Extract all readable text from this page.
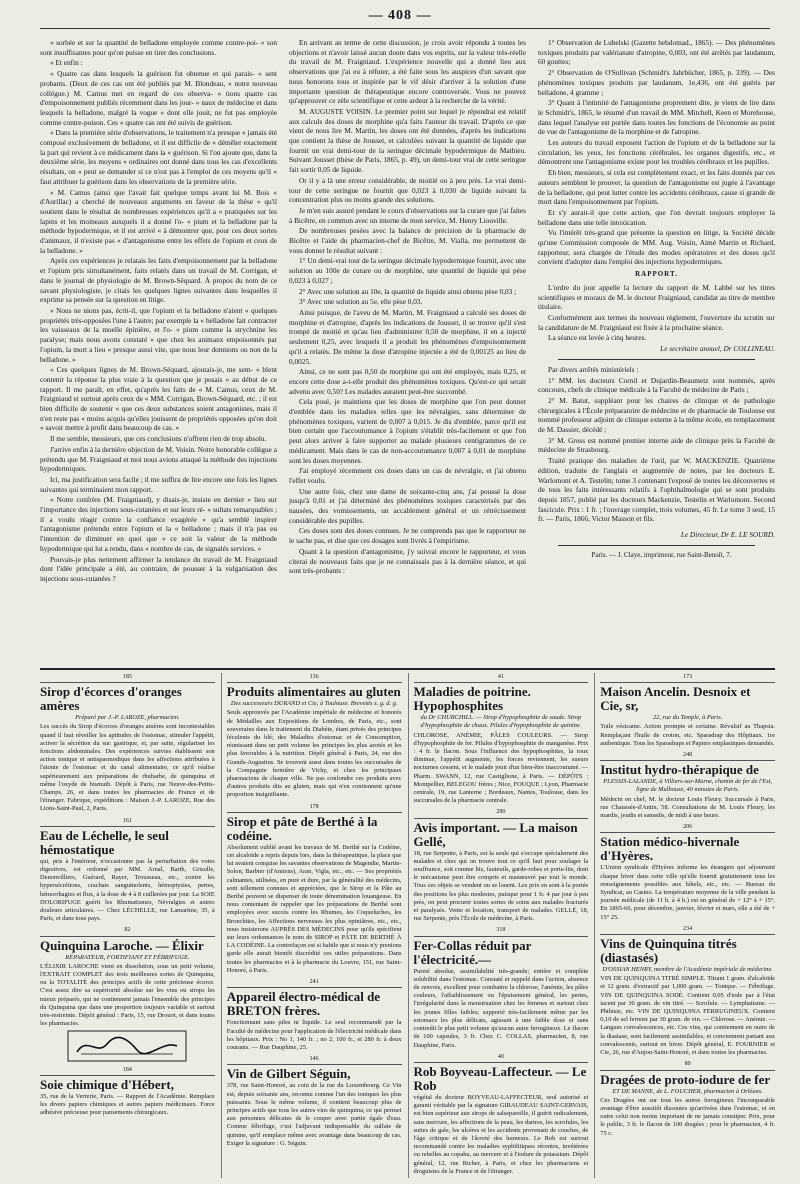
— 408 —

« sorbée et sur la quantité de belladone employée comme contre-poi- « son sont insuffisantes pour qu'on puisse en tirer des conclusions.

« Et enfin :

« Quatre cas dans lesquels la guérison fut obtenue et qui parais- « sent probants. (Deux de ces cas ont été publiés par M. Blondeau, « notre nouveau collègue.) M. Camus met en regard de ces observa- « tions quatre cas d'empoisonnement publiés récemment dans les jour- « naux de médecine et dans lesquels la belladone, malgré la vogue « dont elle jouit, ne fut pas employée comme contre-poison. Ces « quatre cas ont été suivis de guérison.

« Dans la première série d'observations, le traitement n'a presque « jamais été composé exclusivement de belladone, et il est difficile de « démêler exactement la part qui revient à ce médicament dans la « guérison. Si l'on ajoute que, dans la deuxième série, les moyens « ordinaires ont donné dans tous les cas d'excellents résultats, on « peut se demander si ce n'est pas à l'emploi de ces moyens qu'il « faut attribuer la guérison dans les observations de la première série.

« M. Camus (ainsi que l'avait fait quelque temps avant lui M. Bois « d'Aurillac) a cherché de nouveaux arguments en faveur de la thèse « qu'il soutient dans le résultat de nombreuses expériences qu'il a « pratiquées sur les lapins et les moineaux auxquels il a donné l'o- « pium et la belladone par la méthode hypodermique, et il est arrivé « à démontrer que, pour ces deux sortes d'animaux, il n'existe pas « d'antagonisme entre les effets de l'opium et ceux de la belladone. »

Après ces expériences je relatais les faits d'empoisonnement par la belladone et l'opium pris simultanément, faits relatés dans un travail de M. Corrigan, et dans le journal de physiologie de M. Brown-Séquard. À propos du nom de ce savant physiologiste, je citais les quelques lignes suivantes dans lesquelles il exprime sa pensée sur la question en litige.

« Nous ne nions pas, écrit-il, que l'opium et la belladone n'aient « quelques propriétés très-opposées l'une à l'autre; par exemple la « belladone fait contracter les vaisseaux de la moelle épinière, et l'o- « pium comme la strychnine les paralyse; mais nous avons constaté « que chez les animaux empoisonnés par l'opium, la mort a lieu « presque aussi vite, que nous leur donnions ou non de la belladone. »

« Ces quelques lignes de M. Brown-Séquard, ajoutais-je, me sem- « blent contenir la réponse la plus vraie à la question que je posais « au début de ce rapport. Il me paraît, en effet, qu'après les faits de « M. Camus, ceux de M. Fraigniaud et surtout après ceux de « MM. Corrigan, Brown-Séquard, etc. ; il est bien difficile de soutenir « que ces deux substances soient antagonistes, mais il n'en reste pas « moins acquis qu'elles jouissent de propriétés opposées qu'on doit « savoir mettre à profit dans beaucoup de cas. »

Il me semble, messieurs, que ces conclusions n'offrent rien de trop absolu.

J'arrive enfin à la dernière objection de M. Voisin. Notre honorable collègue a prétendu que M. Fraigniaud et moi nous avions attaqué la méthode des injections hypodermiques.

Ici, ma justification sera facile ; il me suffira de lire encore une fois les lignes suivantes qui terminaient mon rapport.

« Notre confrère (M. Fraigniaud), y disais-je, insiste en dernier « lieu sur l'importance des injections sous-cutanées et sur leurs ré- « sultats remarquables ; il a voulu réagir contre la confiance exagérée « qu'a semblé inspirer l'antagonisme prétendu entre l'opium et la « belladone ; mais il n'a pas eu l'intention de diminuer en quoi que « ce soit la valeur de la méthode hypodermique qui lui a rendu, dans « nombre de cas, de signalés services. »

Pouvais-je plus nettement affirmer la tendance du travail de M. Fraigniaud dont l'idée principale a été, au contraire, de pousser à la vulgarisation des injections sous-cutanées ?

En arrivant au terme de cette discussion, je crois avoir répondu à toutes les objections et n'avoir laissé aucun doute dans vos esprits, sur la valeur très-réelle du travail de M. Fraigniaud. L'expérience nouvelle qui a donné lieu aux observations que j'ai eu à réfuter, a été faite sous les auspices d'un savant que nous honorons tous et inspirée par le vif désir d'arriver à la solution d'une importante question de thérapeutique encore controversée. Vous ne pouvez qu'approuver ce zèle scientifique et cette ardeur à la recherche de la vérité.

M. AUGUSTE VOISIN. Le premier point sur lequel je répondrai est relatif aux calculs des doses de morphine qu'a faits l'auteur du travail. D'après ce que vient de nous lire M. Martin, les doses ont été données, d'après les indications que contient la thèse de Jousset, et calculées suivant la quantité de liquide que fournit un vrai demi-tour de la seringue décimale hypodermique de Mathieu. Suivant Jousset (thèse de Paris, 1865, p. 49), un demi-tour vrai de cette seringue fait sortir 0,05 de liquide.

Or il y a là une erreur considérable, de moitié ou à peu près. Le vrai demi-tour de cette seringue ne fournit que 0,023 à 0,030 de liquide suivant la concentration plus ou moins grande des solutions.

Je m'en suis assuré pendant le cours d'observations sur la curare que j'ai faites à Bicêtre, en commun avec un interne de mon service, M. Henry Liouville.

De nombreuses pesées avec la balance de précision de la pharmacie de Bicêtre et l'aide du pharmacien-chef de Bicêtre, M. Vialla, me permettent de vous donner le résultat suivant :

1° Un demi-vrai tour de la seringue décimale hypodermique fournit, avec une solution au 100e de curare ou de morphine, une quantité de liquide qui pèse 0,023 à 0,027 ;

2° Avec une solution au 10e, la quantité de liquide ainsi obtenu pèse 0,03 ;

3° Avec une solution au 5e, elle pèse 0,03.

Ainsi puisque, de l'aveu de M. Martin, M. Fraigniaud a calculé ses doses de morphine et d'atropine, d'après les indications de Jousset, il se trouve qu'il s'est trompé de moitié et qu'au lieu d'administrer 0,50 de morphine, il en a injecté seulement 0,25, avec lesquels il a produit les phénomènes d'empoisonnement qu'il a relatés. De même la dose d'atropine injectée a été de 0,00125 au lieu de 0,0025.

Ainsi, ce ne sont pas 0,50 de morphine qui ont été employés, mais 0,25, et encore cette dose a-t-elle produit des phénomènes toxiques. Qu'est-ce qui serait advenu avec 0,50? Les malades auraient peut-être succombé.

Cela posé, je maintiens que les doses de morphine que l'on peut donner d'emblée dans les maladies telles que les névralgies, sans déterminer de phénomènes toxiques, varient de 0,007 à 0,015. Je dis d'emblée, parce qu'il est bien certain que l'accoutumance à l'opium s'établit très-facilement et que l'on peut alors arriver à faire supporter au malade plusieurs centigrammes de ce médicament. Mais dans le cas de non-accoutumance 0,007 à 0,01 de morphine sont les doses moyennes.

J'ai employé récemment ces doses dans un cas de névralgie, et j'ai obtenu l'effet voulu.

Une autre fois, chez une dame de soixante-cinq ans, j'ai poussé la dose jusqu'à 0,01 et j'ai déterminé des phénomènes toxiques caractérisés par des nausées, des vomissements, un accablement général et un rétrécissement considérable des pupilles.

Ces doses sont des doses connues. Je ne comprends pas que le rapporteur ne le sache pas, et dise que ces dosages sont livrés à l'empirisme.

Quant à la question d'antagonisme, j'y suivrai encore le rapporteur, et vous citerai de nouveaux faits que je ne connaissais pas à la dernière séance, et qui sont très-probants :

1° Observation de Lubelski (Gazette hebdomad., 1865). — Des phénomènes toxiques produits par valérianate d'atropine, 0,003, ont été arrêtés par laudanum, 60 gouttes;

2° Observation de O'Sullivan (Schmidt's Jahrbücher, 1865, p. 339). — Des phénomènes toxiques produits par laudanum, 1e,436, ont été guéris par belladone, 4 gramme ;

3° Quant à l'intimité de l'antagonisme proprement dite, je vienx de lire dans le Schmidt's, 1865, le résumé d'un travail de MM. Mitchell, Keen et Morehouse, dans lequel l'analyse est portée dans toutes les fonctions de l'économie au point de vue de l'antagonisme de la morphine et de l'atropine.

Les auteurs du travail exposent l'action de l'opium et de la belladone sur la circulation, les yeux, les fonctions cérébrales, les organes digestifs, etc., et démontrent une l'antagonisme existe pour les troubles cérébraux et les pupilles.

Eh bien, messieurs, si cela est complètement exact, et les faits donnés par ces auteurs semblent le prouver, la question de l'antagonisme est jugée à l'avantage de la belladone, qui peut lutter contre les accidents cérébraux, cause si grande de mort dans l'empoisonnement par l'opium.

Et s'y aurait-il que cette action, que l'on devrait toujours employer la belladone dans une telle intoxication.

Vu l'intérêt très-grand que présente la question en litige, la Société décide qu'une Commission composée de MM. Aug. Voisin, Aimé Martin et Richard, rapporteur, sera chargée de l'étude des modes opératoires et des doses qu'il convient d'adopter dans l'emploi des injections hypodermiques.

RAPPORT.

L'ordre du jour appelle la lecture du rapport de M. Labbé sur les titres scientifiques et moraux de M. le docteur Fraigniaud, candidat au titre de membre titulaire.

Conformément aux termes du nouveau règlement, l'ouverture du scrutin sur la candidature de M. Fraigniaud est fixée à la prochaine séance.

La séance est levée à cinq heures.

Le secrétaire annuel, Dr COLLINEAU.

Par divers arrêtés ministériels :

1° MM. les docteurs Cornil et Dujardin-Beaumetz sont nommés, après concours, chefs de clinique médicale à la Faculté de médecine de Paris ;

2° M. Batut, suppléant pour les chaires de clinique et de pathologie chirurgicales à l'École préparatoire de médecine et de pharmacie de Toulouse est nommé professeur adjoint de clinique externe à la même école, en remplacement de M. Dassier, décédé ;

3° M. Gross est nommé premier interne aide de clinique près la Faculté de médecine de Strasbourg.

Traité pratique des maladies de l'œil, par W. MACKENZIE. Quatrième édition, traduite de l'anglais et augmentée de notes, par les docteurs E. Warlomont et A. Testelin; tome 3 contenant l'exposé de toutes les découvertes et de tous les faits intéressants relatifs à l'ophthalmologie qui se sont produits depuis 1857, publié par les docteurs Mackenzie, Testelin et Warlomont. Second fascicule. Prix : 1 fr. ; l'ouvrage complet, trois volumes, 45 fr. Le tome 3 seul, 15 fr. — Paris, 1866, Victor Masson et fils.

Le Directeur, Dr E. LE SOURD.

Paris. — J. Claye, imprimeur, rue Saint-Benoît, 7.

185
Sirop d'écorces d'oranges amères
Préparé par J.-P. LAROZE, pharmacien.
Les succès du Sirop d'écorces d'oranges amères sont incontestables quand il faut réveiller les aptitudes de l'estomac, stimuler l'appétit, activer la sécrétion du suc gastrique, et, par suite, régulariser les fonctions abdominales. Des expériences suivies établissent son action tonique et antispasmodique dans les affections attribuées à l'atonie de l'estomac et du canal alimentaire, ce qu'il réalise supérieurement aux préparations de rhubarbe, de quinquina et même l'oxyde de bismuth. Dépôt à Paris, rue Neuve-des-Petits-Champs, 26, et dans toutes les pharmacies de France et de l'étranger. Fabrique, expéditions : Maison J.-P. LAROZE, Rue des Lions-Saint-Paul, 2, Paris.
161
Eau de Léchelle, le seul hémostatique
qui, pris à l'intérieur, n'occasionne pas la perturbation des voies digestives, est ordonné par MM. Arnal, Barth, Grisolle, Denonvilliers, Guérard, Rayer, Trousseau, etc., contre les hypersécrétions, crachats sanguinolents, hémoptysies, pertes, hémorrhagies et flux, à la dose de 4 à 8 cuillerées par jour. La SOIE DOLORIFUGE guérit les Rhumatismes, Névralgies et autres douleurs articulaires. — Chez LÉCHELLE, rue Lamartine, 35, à Paris, et dans tous pays.
82
Quinquina Laroche. — Élixir
RÉPARATEUR, FORTIFIANT ET FÉBRIFUGE.
L'ÉLIXIR LAROCHE vient en dissolution, sous un petit volume, l'EXTRAIT COMPLET des trois meilleures sortes de Quinquina, ou la TOTALITÉ des principes actifs de cette précieuse écorce. C'est assez dire sa supériorité absolue sur les vins ou sirops les mieux préparés, qui ne contiennent jamais l'ensemble des principes du Quinquina que dans une proportion toujours variable et surtout très-restreinte. Dépôt général : Paris, 15, rue Drouot, et dans toutes les pharmacies.
184
Soie chimique d'Hébert,
35, rue de la Verrerie, Paris. — Rapport de l'Académie. Remplace les divers papiers chimiques et autres papiers médicinaux. Force adhésive précieuse pour pansements chirurgicaux.
136
Produits alimentaires au gluten
Des successeurs DURAND et Cie, à Toulouse. Brevetés s. g. d. g.
Seuls approuvés par l'Académie impériale de médecine et honorés de Médailles aux Expositions de Londres, de Paris, etc., sont souverains dans le traitement du Diabète, étant privés des principes féculents du blé; des Maladies d'estomac et de Consomption, réunissant dans un petit volume les principes les plus azotés et les plus favorables à la nutrition. Dépôt général à Paris, 24, rue des Grands-Augustins. Se trouvent aussi dans toutes les succursales de la Compagnie fermière de Vichy, et chez les principaux pharmaciens de chaque ville. Ne pas confondre ces produits avec d'autres produits dits au gluten, mais qui n'en contiennent qu'une proportion insignifiante.
178
Sirop et pâte de Berthé à la codéine.
Absolument oublié avant les travaux de M. Berthé sur la Codéine, cet alcaloïde a repris depuis lors, dans la thérapeutique, la place que lui avaient conquise les savantes observations de Magendie, Martin-Solon, Barbier (d'Amiens), Aran, Vigla, etc., etc. — Ses propriétés calmantes, utilisées, en pure et dure, par la généralité des médecins, sont tellement connues et appréciées, que le Sirop et la Pâte au Berthé peuvent se dispenser de toute dénomination louangeuse. En nous contentant de rappeler que les préparations de Berthé sont employées avec succès contre les Rhumes, les Coqueluches, les Bronchites, les Affections nerveuses les plus opiniâtres, etc., etc., nous insisterons AUPRÈS DES MÉDECINS pour qu'ils spécifient sur leurs ordonnances le nom de SIROP et PÂTE DE BERTHÉ À LA CODÉINE. La contrefaçon est si habile que si nous n'y prenions garde elle aurait bientôt discrédité ces utiles préparations. Dans toutes les pharmacies et à la pharmacie du Louvre, 151, rue Saint-Honoré, à Paris.
241
Appareil électro-médical de BRETON frères.
Fonctionnant sans piles ni liquide. Le seul recommandé par la Faculté de médecine pour l'application de l'électricité médicale dans les hôpitaux. Prix : No 1, 140 fr. ; no 2, 100 fr., et 280 fr. à deux courants. — Rue Dauphine, 25.
146
Vin de Gilbert Séguin,
378, rue Saint-Honoré, au coin de la rue du Luxembourg. Ce Vin est, depuis soixante ans, reconnu comme l'un des toniques les plus puissants. Sous le même volume, il contient beaucoup plus de principes actifs que tous les autres vins de quinquina, ce qui permet aux personnes délicates de le couper avec partie égale d'eau. Comme fébrifuge, c'est l'adjuvant indispensable du sulfate de quinine, qu'il remplace même avec avantage dans beaucoup de cas. Exiger la signature : G. Séguin.
41
Maladies de poitrine. Hypophosphites
du Dr CHURCHILL. — Sirop d'hypophosphite de soude. Sirop d'hypophosphite de chaux. Pilules d'hypophosphite de quinine.
CHLOROSE, ANÉMIE, PÂLES COULEURS. — Sirop d'hypophosphite de fer. Pilules d'hypophosphite de manganèse. Prix : 4 fr. le flacon. Sous l'influence des hypophosphites, la toux diminue, l'appétit augmente, les forces reviennent, les sueurs nocturnes cessent, et le malade jouit d'un bien-être inaccoutumé. — Pharm. SWANN, 12, rue Castiglione, à Paris. — DÉPÔTS : Montpellier, BELEGOU frères ; Nice, FOUQUE ; Lyon, Pharmacie centrale, 19, rue Lanterne ; Bordeaux, Nantes, Toulouse, dans les succursales de la pharmacie centrale.
290
Avis important. — La maison Gellé,
18, rue Serpente, à Paris, est la seule qui s'occupe spécialement des malades et chez qui on trouve tout ce qu'il faut pour soulager la souffrance, soit comme lits, fauteuils, garde-robes et porte-lits, dont le mécanisme peut être compris et manœuvré par tout le monde. Tous ces objets se vendent ou se louent. Les prix en sont à la portée des positions les plus modestes, puisque pour 1 fr. 4 par jour à peu près, on peut procurer toutes sortes de soins aux malades fracturés et paralysés. Vente et location, transport de malades. GELLÉ, 18, rue Serpente, près l'École de médecine, à Paris.
318
Fer-Collas réduit par l'électricité.—
Pureté absolue, assimilabilité très-grande; entière et complète solubilité dans l'estomac. Constaté et rappelé dans l'action, absence de renvois, excellent pour combattre la chlorose, l'anémie, les pâles couleurs, l'affaiblissement ou l'épuisement général, les pertes, l'irrégularité dans la menstruation chez les femmes et surtout chez les jeunes filles faibles; supporté très-facilement même par les estomacs les plus délicats, agissant à une faible dose et sans contredit le plus petit volume qu'aucun autre ferrugineux. Le flacon de 100 capsules, 3 fr. Chez C. COLLAS, pharmacien, 8, rue Dauphine, Paris.
40
Rob Boyveau-Laffecteur. — Le Rob
végétal du docteur BOYVEAU-LAFFECTEUR, seul autorisé et garanti véritable par la signature GIRAUDEAU SAINT-GERVAIS, est bien supérieur aux sirops de salsepareille, il guérit radicalement, sans mercure, les affections de la peau, les dartres, les scrofules, les suites de gale, les ulcères et les accidents provenant de couches, de l'âge critique et de l'âcreté des humeurs. Le Rob est surtout recommandé contre les maladies syphilitiques récentes, invétérées ou rebelles au copahu, au mercure et à l'iodure de potassium. Dépôt général, 12, rue Richer, à Paris, et chez les pharmaciens et droguistes de la France et de l'étranger.
173
Maison Ancelin. Desnoix et Cie, sr,
22, rue du Temple, à Paris.
Toile vésicante. Action prompte et certaine. Révulsif au Thapsia. Remplaçant l'huile de croton, etc. Sparadrap des Hôpitaux. 1re authentique. Tous les Sparadraps et Papiers emplastiques demandés.
248
Institut hydro-thérapique de
PLESSIS-LALANDE, à Villiers-sur-Marne, chemin de fer de l'Est, ligne de Mulhouse, 40 minutes de Paris.
Médecin en chef, M. le docteur Louis Fleury. Succursale à Paris, rue Chaussée-d'Antin, 58. Consultations de M. Louis Fleury, les mardis, jeudis et samedis, de midi à une heure.
206
Station médico-hivernale d'Hyères.
L'Union syndicale d'Hyères informe les étrangers qui séjournent chaque hiver dans cette ville qu'elle fournit gratuitement tous les renseignements possibles aux hôtels, etc., etc. — Bureau du Syndicat, au Casino. La température moyenne de la ville pendant la journée médicale (de 11 h. à 4 h.) est en général de + 12° à + 15°. En 1865-66, pour décembre, janvier, février et mars, elle a été de + 15° 25.
234
Vins de Quinquina titrés (diastasés)
D'OSSIAN HENRY, membre de l'Académie impériale de médecine.
VIN DE QUINQUINA TITRÉ SIMPLE. Titrant 1 gram. d'alcaloïde et 12 gram. d'extractif par 1,000 gram. — Tonique. — Fébrifuge. VIN DE QUINQUINA SODÉ. Contient 0,05 d'iode par à l'état iacent par 30 gram. de vin titré. — Scrofule. — Lymphatisme. — Phthisie, etc. VIN DE QUINQUINA FERRUGINEUX. Contient 0,10 de sel ferreux par 30 gram. de vin. — Chlorose. — Anémie. — Langues convalescences, etc. Ces vins, qui contiennent en outre de la diastase, sont facilement assimilables, et conviennent partant aux convalescents, surtout en hiver. Dépôt général, E. FOURNIER et Cie, 26, rue d'Anjou-Saint-Honoré, et dans toutes les pharmacies.
80
Dragées de proto-iodure de fer
ET DE MANNE, de L. FOUCHER, pharmacien à Orléans.
Ces Dragées ont sur tous les autres ferrugineux l'incomparable avantage d'être aussitôt dissoutes qu'arrivées dans l'estomac, et en outre celui non moins important de ne jamais constiper. Prix, pour le public, 3 fr. le flacon de 100 dragées ; pour le pharmacien, 4 fr. 75 c.
